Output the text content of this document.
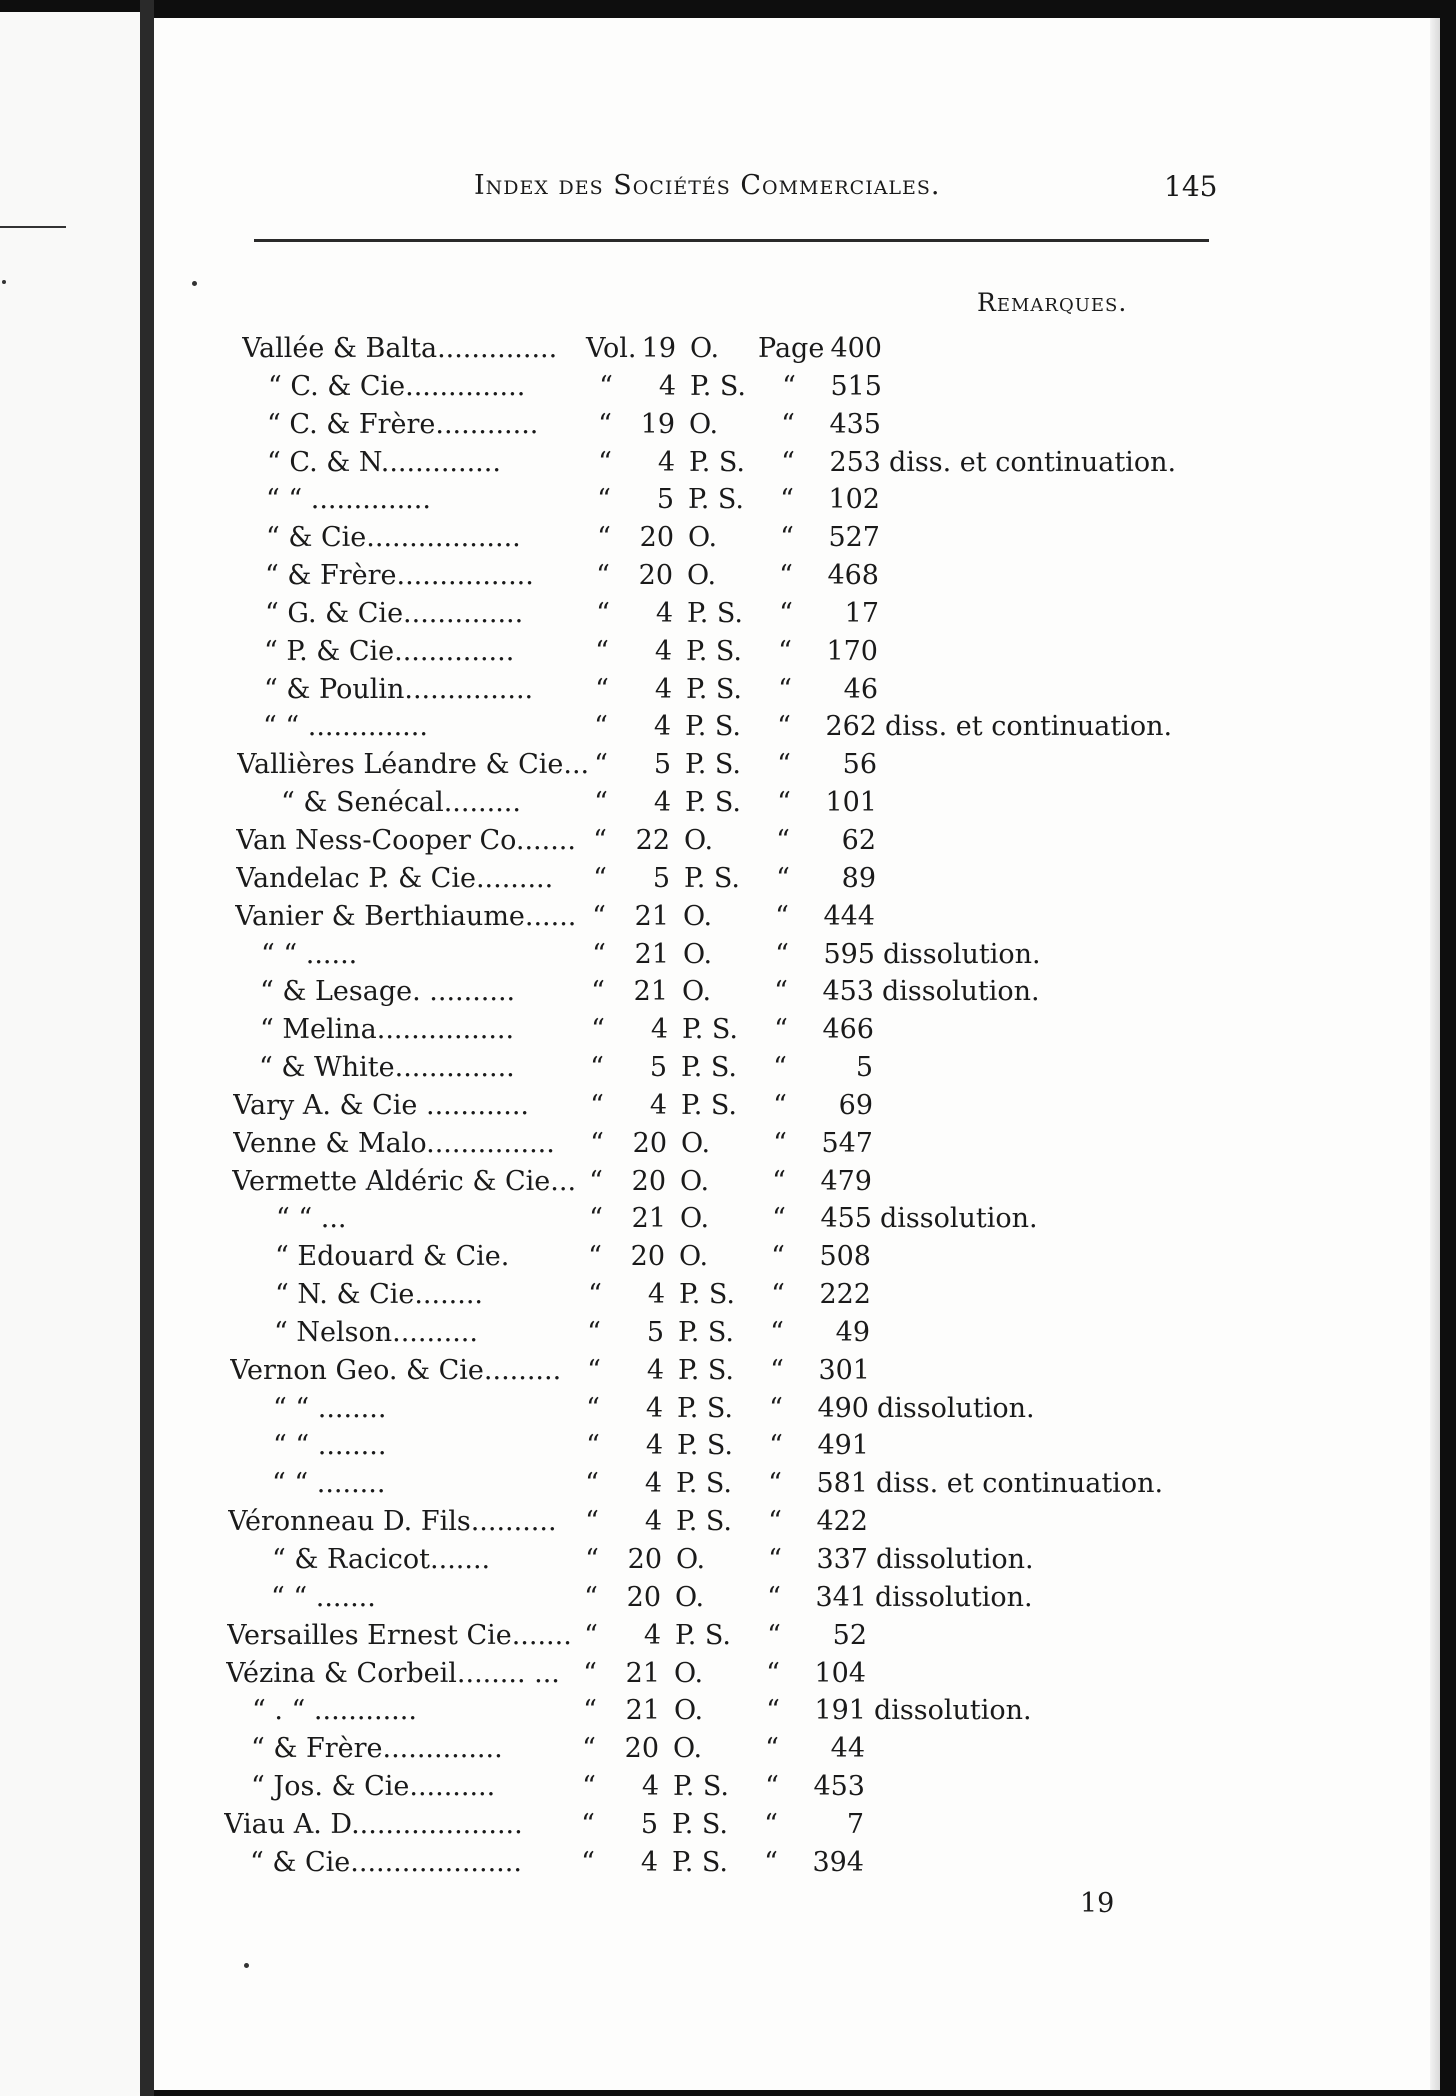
Index des Sociétés Commerciales.	145
Remarques.
Vallée & Balta..............	Vol. 19 O.	Page 400
“ C. & Cie..............	“	4 P. S.	“	515
“ C. & Frère............	“	19 O.	“	435
“ C. & N..............	“	4 P. S.	“	253 diss. et continuation.
“ “ ..............	“	5 P. S.	“	102
“ & Cie..................	“	20 O.	“	527
“ & Frère................	“	20 O.	“	468
“ G. & Cie..............	“	4 P. S.	“	17
“ P. & Cie..............	“	4 P. S.	“	170
“ & Poulin...............	“	4 P. S.	“	46
“ “ ..............	“	4 P. S.	“	262 diss. et continuation.
Vallières Léandre & Cie... “	5 P. S.	“	56
“ & Senécal.........	“	4 P. S.	“	101
Van Ness-Cooper Co....... “	22 O.	“	62
Vandelac P. & Cie.........	“	5 P. S.	“	89
Vanier & Berthiaume...... “	21 O.	“	444
“ “ ......	“	21 O.	“	595 dissolution.
“ & Lesage. ..........	“	21 O.	“	453 dissolution.
“ Melina................	“	4 P. S.	“	466
“ & White..............	“	5 P. S.	“	5
Vary A. & Cie ............	“	4 P. S.	“	69
Venne & Malo...............	“	20 O.	“	547
Vermette Aldéric & Cie... “	20 O.	“	479
“ “ ...	“	21 O.	“	455 dissolution.
“ Edouard & Cie.	“	20 O.	“	508
“ N. & Cie........	“	4 P. S.	“	222
“ Nelson..........	“	5 P. S.	“	49
Vernon Geo. & Cie......... “	4 P. S.	“	301
“ “ ........	“	4 P. S.	“	490 dissolution.
“ “ ........	“	4 P. S.	“	491
“ “ ........	“	4 P. S.	“	581 diss. et continuation.
Véronneau D. Fils..........	“	4 P. S.	“	422
“ & Racicot.......	“	20 O.	“	337 dissolution.
“ “ .......	“	20 O.	“	341 dissolution.
Versailles Ernest Cie....... “	4 P. S.	“	52
Vézina & Corbeil........ ... “	21 O.	“	104
“ . “ ............	“	21 O.	“	191 dissolution.
“ & Frère..............	“	20 O.	“	44
“ Jos. & Cie..........	“	4 P. S.	“	453
Viau A. D....................	“	5 P. S.	“	7
“ & Cie....................	“	4 P. S.	“	394
19
